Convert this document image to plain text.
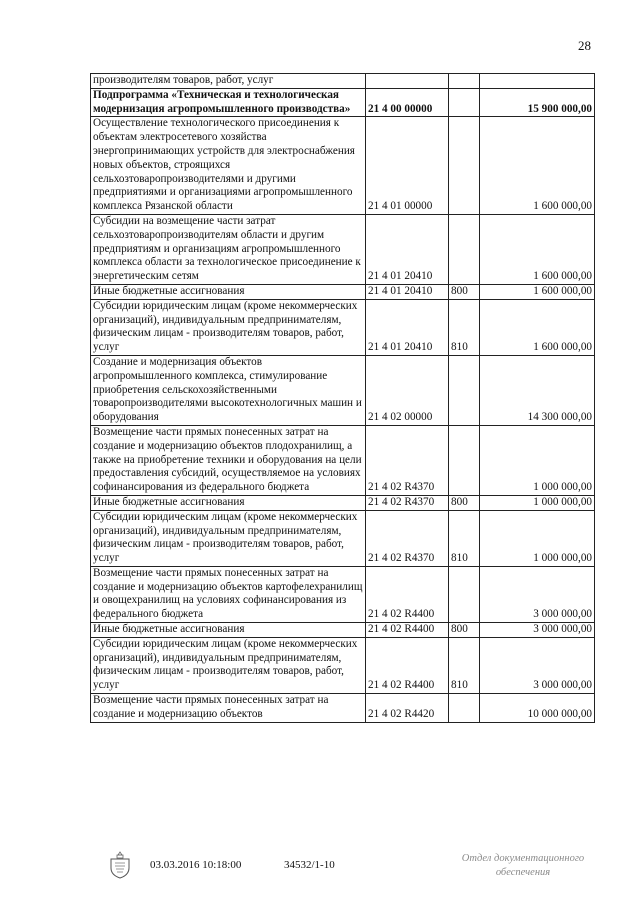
28
производителям товаров, работ, услуг			
Подпрограмма «Техническая и технологическая модернизация агропромышленного производства»	21 4 00 00000		15 900 000,00
Осуществление технологического присоединения к объектам электросетевого хозяйства энергопринимающих устройств для электроснабжения новых объектов, строящихся сельхозтоваропроизводителями и другими предприятиями и организациями агропромышленного комплекса Рязанской области	21 4 01 00000		1 600 000,00
Субсидии на возмещение части затрат сельхозтоваропроизводителям области и другим предприятиям и организациям агропромышленного комплекса области за технологическое присоединение к энергетическим сетям	21 4 01 20410		1 600 000,00
Иные бюджетные ассигнования	21 4 01 20410	800	1 600 000,00
Субсидии юридическим лицам (кроме некоммерческих организаций), индивидуальным предпринимателям, физическим лицам - производителям товаров, работ, услуг	21 4 01 20410	810	1 600 000,00
Создание и модернизация объектов агропромышленного комплекса, стимулирование приобретения сельскохозяйственными товаропроизводителями высокотехнологичных машин и оборудования	21 4 02 00000		14 300 000,00
Возмещение части прямых понесенных затрат на создание и модернизацию объектов плодохранилищ, а также на приобретение техники и оборудования на цели предоставления субсидий, осуществляемое на условиях софинансирования из федерального бюджета	21 4 02 R4370		1 000 000,00
Иные бюджетные ассигнования	21 4 02 R4370	800	1 000 000,00
Субсидии юридическим лицам (кроме некоммерческих организаций), индивидуальным предпринимателям, физическим лицам - производителям товаров, работ, услуг	21 4 02 R4370	810	1 000 000,00
Возмещение части прямых понесенных затрат на создание и модернизацию объектов картофелехранилищ и овощехранилищ на условиях софинансирования из федерального бюджета	21 4 02 R4400		3 000 000,00
Иные бюджетные ассигнования	21 4 02 R4400	800	3 000 000,00
Субсидии юридическим лицам (кроме некоммерческих организаций), индивидуальным предпринимателям, физическим лицам - производителям товаров, работ, услуг	21 4 02 R4400	810	3 000 000,00
Возмещение части прямых понесенных затрат на создание и модернизацию объектов	21 4 02 R4420		10 000 000,00
03.03.2016 10:18:00	34532/1-10
Отдел документационного
обеспечения
